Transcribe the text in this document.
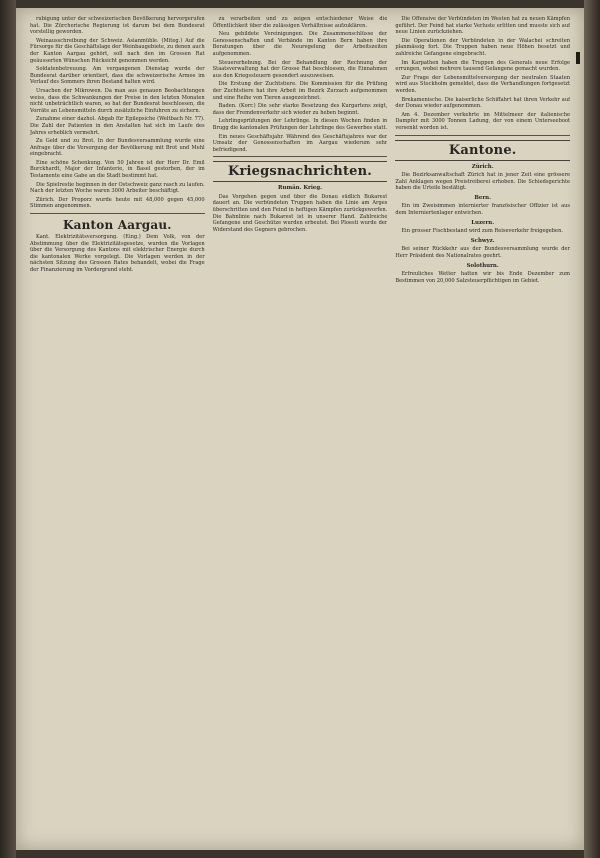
rubigung unter der schweizerischen Bevölkerung hervorgerufen hat. Die Zürcherische Regierung ist darum bei dem Bundesrat vorstellig geworden.

Weinausschreibung der Schweiz. Asianmühle. (Miteg.) Auf die Fürsorge für die Geschäftslage der Weinbaugebiete, zu denen auch der Kanton Aargau gehört, soll nach den im Grossen Rat geäusserten Wünschen Rücksicht genommen werden.

Soldatenbetreuung. Am vergangenen Dienstag wurde der Bundesrat darüber orientiert, dass die schweizerische Armee im Verlauf des Sommers ihren Bestand halten wird.

Ursachen der Mikrowen. Da man aus genauen Beobachtungen weiss, dass die Schwankungen der Preise in den letzten Monaten nicht unbeträchtlich waren, so hat der Bundesrat beschlossen, die Vorräte an Lebensmitteln durch zusätzliche Einfuhren zu sichern.

Zunahme einer dazhol. Abgab für Epilepsiche (Weltbach Nr. 77). Die Zahl der Patienten in den Anstalten hat sich im Laufe des Jahres erheblich vermehrt.

Zu Geld und zu Brot. In der Bundesversammlung wurde eine Anfrage über die Versorgung der Bevölkerung mit Brot und Mehl eingebracht.

Eine schöne Schenkung. Von 50 Jahren ist der Herr Dr. Emil Burckhardt, Major der Infanterie, in Basel gestorben, der im Testamente eine Gabe an die Stadt bestimmt hat.

Die Spielrestie beginnen in der Ostschweiz ganz rasch zu laufen. Nach der letzten Woche waren 3000 Arbeiter beschäftigt.

Zürich. Der Proporz wurde heute mit 48,000 gegen 45,000 Stimmen angenommen.

Kanton Aargau.

Kant. Elektrizitätsversorgung. (Eing.) Dem Volk, von der Abstimmung über die Elektrizitätsgesetze, wurden die Vorlagen über die Versorgung des Kantons mit elektrischer Energie durch die kantonalen Werke vorgelegt. Die Vorlagen werden in der nächsten Sitzung des Grossen Rates behandelt, wobei die Frage der Finanzierung im Vordergrund steht.

zu verarbeiten und zu zeigen entschiedener Weise die Öffentlichkeit über die zulässigen Verhältnisse aufzuklären.

Neu gebildete Vereinigungen. Die Zusammenschlüsse der Genossenschaften und Verbände im Kanton Bern haben ihre Beratungen über die Neuregelung der Arbeitszeiten aufgenommen.

Steuererhebung. Bei der Behandlung der Rechnung der Staatsverwaltung hat der Grosse Rat beschlossen, die Einnahmen aus den Kriegssteuern gesondert auszuweisen.

Die Erstung der Zuchtstiere. Die Kommission für die Prüfung der Zuchtstiere hat ihre Arbeit im Bezirk Zurzach aufgenommen und eine Reihe von Tieren ausgezeichnet.

Baden. (Korr.) Die sehr starke Besetzung des Kurgartens zeigt, dass der Fremdenverkehr sich wieder zu heben beginnt.

Lehrlingsprüfungen der Lehrlinge. In diesen Wochen finden in Brugg die kantonalen Prüfungen der Lehrlinge des Gewerbes statt.

Ein neues Geschäftsjahr. Während des Geschäftsjahres war der Umsatz der Genossenschaften im Aargau wiederum sehr befriedigend.

Kriegsnachrichten.
Rumän. Krieg.

Das Vorgehen gegen und über die Donau südlich Bukarest dauert an. Die verbündeten Truppen haben die Linie am Arges überschritten und den Feind in heftigen Kämpfen zurückgeworfen. Die Bahnlinie nach Bukarest ist in unserer Hand. Zahlreiche Gefangene und Geschütze wurden erbeutet. Bei Ploesti wurde der Widerstand des Gegners gebrochen.

Die Offensive der Verbündeten im Westen hat zu neuen Kämpfen geführt. Der Feind hat starke Verluste erlitten und musste sich auf neue Linien zurückziehen.

Die Operationen der Verbündeten in der Walachei schreiten planmässig fort. Die Truppen haben neue Höhen besetzt und zahlreiche Gefangene eingebracht.

Im Karpathen haben die Truppen des Generals neue Erfolge errungen, wobei mehrere tausend Gefangene gemacht wurden.

Zur Frage der Lebensmittelversorgung der neutralen Staaten wird aus Stockholm gemeldet, dass die Verhandlungen fortgesetzt werden.

Brekamenische. Die kaiserliche Schiffahrt hat ihren Verkehr auf der Donau wieder aufgenommen.

Am 4. Dezember verkehrte im Mittelmeer der italienische Dampfer mit 3000 Tonnen Ladung, der von einem Unterseeboot versenkt worden ist.

Kantone.
Zürich.

Die Bezirksanwaltschaft Zürich hat in jener Zeit eine grössere Zahl Anklagen wegen Preistreiberei erhoben. Die Schiedsgerichte haben die Urteile bestätigt.

Bern.

Ein im Zweisimmen internierter französischer Offizier ist aus dem Interniertenlager entwichen.

Luzern.

Ein grosser Fischbestand wird zum Reiseverkehr freigegeben.

Schwyz.

Bei seiner Rückkehr aus der Bundesversammlung wurde der Herr Präsident des Nationalrates geehrt.

Solothurn.

Erfreuliches Wetter hatten wir bis Ende Dezember zum Bestimmen von 20,000 Salzsteuerpflichtigen im Gebiet.
